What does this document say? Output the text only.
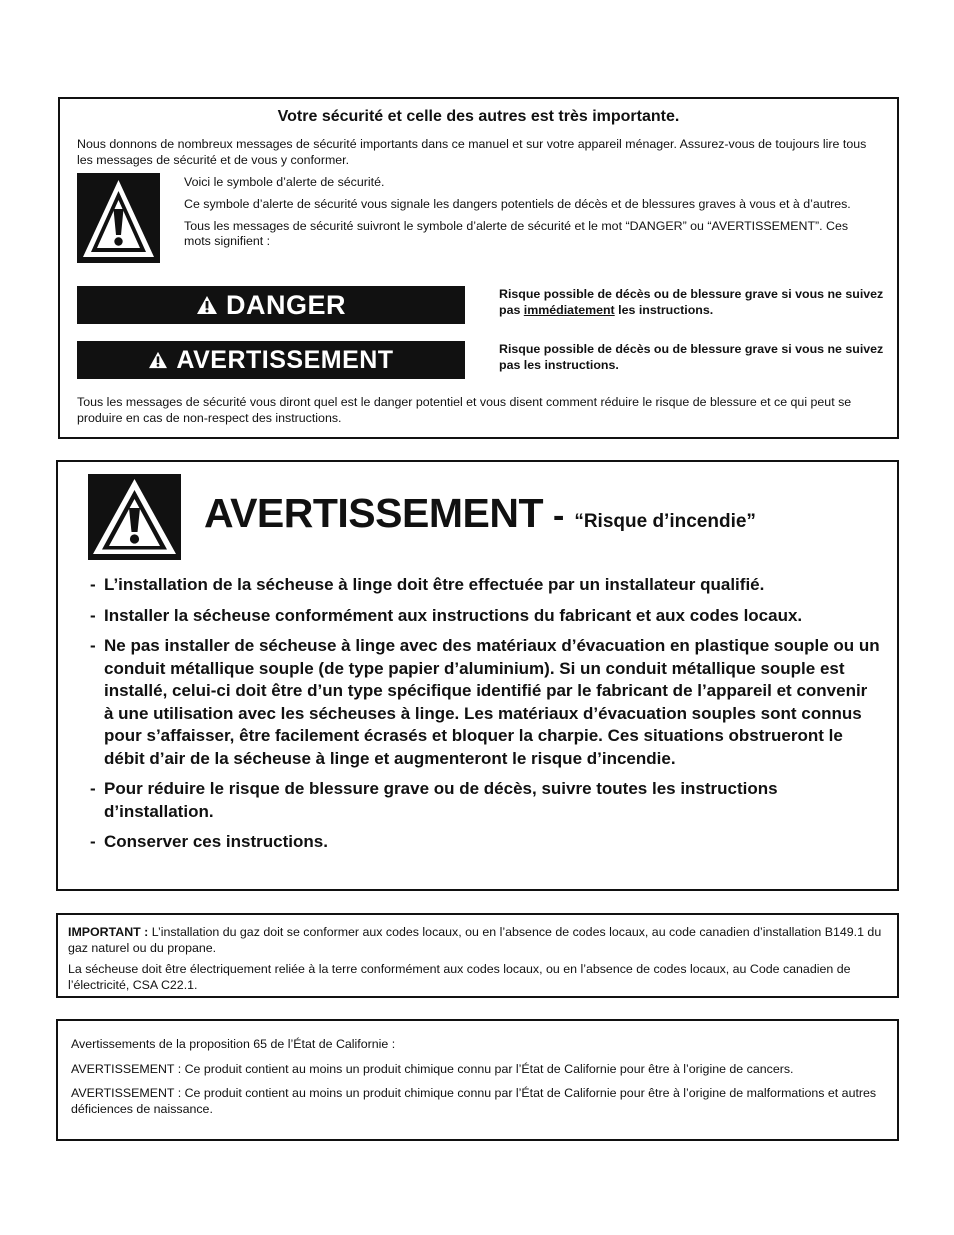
Votre sécurité et celle des autres est très importante.
Nous donnons de nombreux messages de sécurité importants dans ce manuel et sur votre appareil ménager. Assurez-vous de toujours lire tous les messages de sécurité et de vous y conformer.

Voici le symbole d’alerte de sécurité.

Ce symbole d’alerte de sécurité vous signale les dangers potentiels de décès et de blessures graves à vous et à d’autres.

Tous les messages de sécurité suivront le symbole d’alerte de sécurité et le mot “DANGER” ou “AVERTISSEMENT”. Ces mots signifient :

DANGER	Risque possible de décès ou de blessure grave si vous ne suivez pas immédiatement les instructions.
AVERTISSEMENT	Risque possible de décès ou de blessure grave si vous ne suivez pas les instructions.
Tous les messages de sécurité vous diront quel est le danger potentiel et vous disent comment réduire le risque de blessure et ce qui peut se produire en cas de non-respect des instructions.
AVERTISSEMENT - “Risque d’incendie”
- L’installation de la sécheuse à linge doit être effectuée par un installateur qualifié.
- Installer la sécheuse conformément aux instructions du fabricant et aux codes locaux.
- Ne pas installer de sécheuse à linge avec des matériaux d’évacuation en plastique souple ou un conduit métallique souple (de type papier d’aluminium). Si un conduit métallique souple est installé, celui-ci doit être d’un type spécifique identifié par le fabricant de l’appareil et convenir à une utilisation avec les sécheuses à linge. Les matériaux d’évacuation souples sont connus pour s’affaisser, être facilement écrasés et bloquer la charpie. Ces situations obstrueront le débit d’air de la sécheuse à linge et augmenteront le risque d’incendie.
- Pour réduire le risque de blessure grave ou de décès, suivre toutes les instructions d’installation.
- Conserver ces instructions.

IMPORTANT : L’installation du gaz doit se conformer aux codes locaux, ou en l’absence de codes locaux, au code canadien d’installation B149.1 du gaz naturel ou du propane.

La sécheuse doit être électriquement reliée à la terre conformément aux codes locaux, ou en l’absence de codes locaux, au Code canadien de l’électricité, CSA C22.1.

Avertissements de la proposition 65 de l’État de Californie :

AVERTISSEMENT : Ce produit contient au moins un produit chimique connu par l’État de Californie pour être à l’origine de cancers.

AVERTISSEMENT : Ce produit contient au moins un produit chimique connu par l’État de Californie pour être à l’origine de malformations et autres déficiences de naissance.
